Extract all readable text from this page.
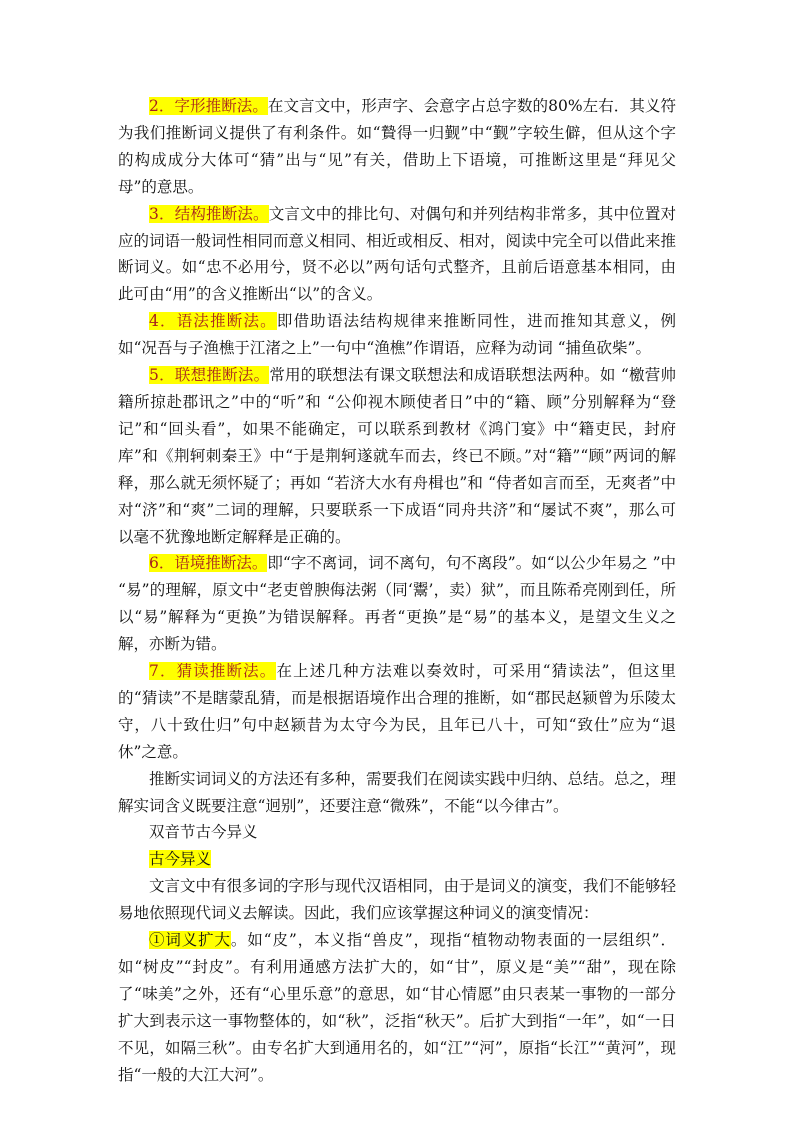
2．字形推断法。在文言文中，形声字、会意字占总字数的80%左右．其义符为我们推断词义提供了有利条件。如“贄得一归觐”中“觐”字较生僻，但从这个字的构成成分大体可“猜”出与“见”有关，借助上下语境，可推断这里是“拜见父母”的意思。

3．结构推断法。文言文中的排比句、对偶句和并列结构非常多，其中位置对应的词语一般词性相同而意义相同、相近或相反、相对，阅读中完全可以借此来推断词义。如“忠不必用兮，贤不必以”两句话句式整齐，且前后语意基本相同，由此可由“用”的含义推断出“以”的含义。

4．语法推断法。即借助语法结构规律来推断同性，进而推知其意义，例如“况吾与子渔樵于江渚之上”一句中“渔樵”作谓语，应释为动词 “捕鱼砍柴”。

5．联想推断法。常用的联想法有课文联想法和成语联想法两种。如 “檄营帅籍所掠赴郡讯之”中的“听”和 “公仰视木顾使者日”中的“籍、顾”分别解释为“登记”和“回头看”，如果不能确定，可以联系到教材《鸿门宴》中“籍吏民，封府库”和《荆轲刺秦王》中“于是荆轲遂就车而去，终已不顾。”对“籍”“顾”两词的解释，那么就无须怀疑了；再如 “若济大水有舟楫也”和 “侍者如言而至，无爽者”中对“济”和“爽”二词的理解，只要联系一下成语“同舟共济”和“屡试不爽”，那么可以毫不犹豫地断定解释是正确的。

6．语境推断法。即“字不离词，词不离句，句不离段”。如“以公少年易之 ”中 “易”的理解，原文中“老吏曾腴侮法粥（同‘鬻’，卖）狱”，而且陈希亮刚到任，所以“易”解释为“更换”为错误解释。再者“更换”是“易”的基本义，是望文生义之解，亦断为错。

7．猜读推断法。在上述几种方法难以奏效时，可采用“猜读法”，但这里的“猜读”不是瞎蒙乱猜，而是根据语境作出合理的推断，如“郡民赵颍曾为乐陵太守，八十致仕归”句中赵颍昔为太守今为民，且年已八十，可知“致仕”应为“退休”之意。

推断实词词义的方法还有多种，需要我们在阅读实践中归纳、总结。总之，理解实词含义既要注意“迥别”，还要注意“微殊”，不能“以今律古”。

双音节古今异义

古今异义

文言文中有很多词的字形与现代汉语相同，由于是词义的演变，我们不能够轻易地依照现代词义去解读。因此，我们应该掌握这种词义的演变情况：

①词义扩大。如“皮”，本义指“兽皮”，现指“植物动物表面的一层组织”．如“树皮”“封皮”。有利用通感方法扩大的，如“甘”，原义是“美”“甜”，现在除了“味美”之外，还有“心里乐意”的意思，如“甘心情愿”由只表某一事物的一部分扩大到表示这一事物整体的，如“秋”，泛指“秋天”。后扩大到指“一年”，如“一日不见，如隔三秋”。由专名扩大到通用名的，如“江”“河”，原指“长江”“黄河”，现指“一般的大江大河”。
